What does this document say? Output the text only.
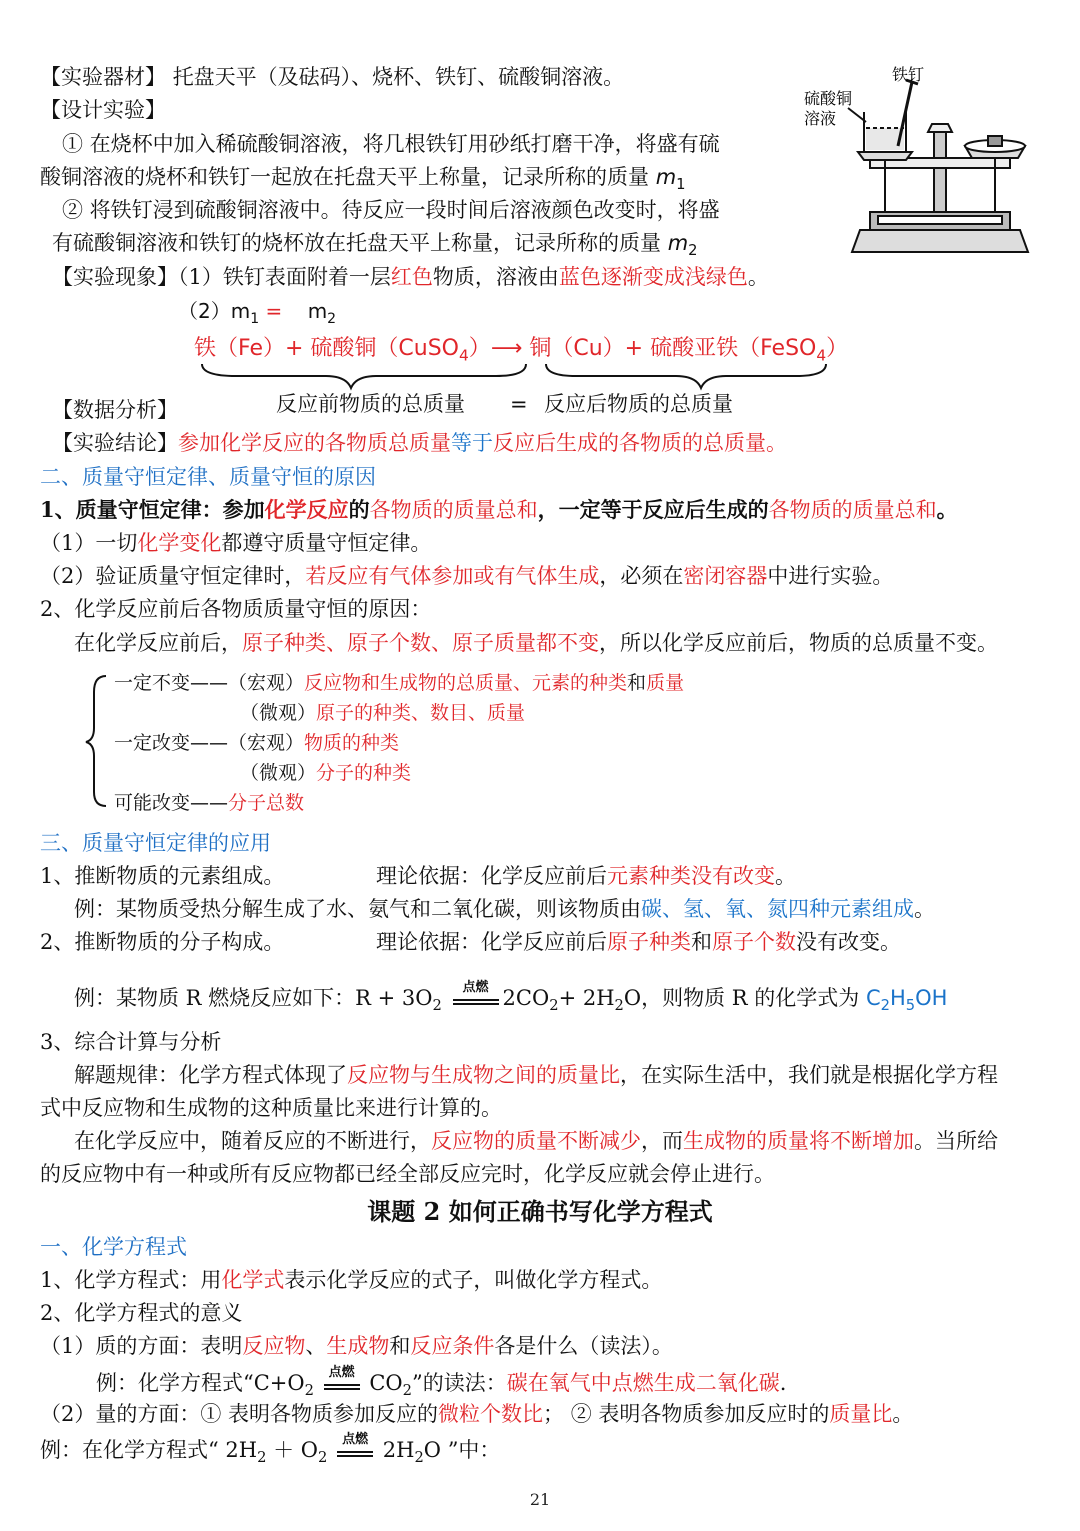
【实验器材】 托盘天平（及砝码）、烧杯、铁钉、硫酸铜溶液。
【设计实验】
① 在烧杯中加入稀硫酸铜溶液，将几根铁钉用砂纸打磨干净，将盛有硫
酸铜溶液的烧杯和铁钉一起放在托盘天平上称量，记录所称的质量 $m_1$
② 将铁钉浸到硫酸铜溶液中。待反应一段时间后溶液颜色改变时，将盛
有硫酸铜溶液和铁钉的烧杯放在托盘天平上称量，记录所称的质量 $m_2$
铁钉
硫酸铜
溶液
【实验现象】（1）铁钉表面附着一层红色物质，溶液由蓝色逐渐变成浅绿色。
$(2)m_1$ =    $m_2$
铁（Fe）+ 硫酸铜（CuSO$_4$）⟶ 铜（Cu）+ 硫酸亚铁（FeSO$_4$）
【数据分析】	反应前物质的总质量 = 反应后物质的总质量
【实验结论】参加化学反应的各物质总质量等于反应后生成的各物质的总质量。
二、质量守恒定律、质量守恒的原因
1、质量守恒定律：参加化学反应的各物质的质量总和，一定等于反应后生成的各物质的质量总和。
（1）一切化学变化都遵守质量守恒定律。
（2）验证质量守恒定律时，若反应有气体参加或有气体生成，必须在密闭容器中进行实验。
2、化学反应前后各物质质量守恒的原因：
在化学反应前后，原子种类、原子个数、原子质量都不变，所以化学反应前后，物质的总质量不变。
一定不变——（宏观）反应物和生成物的总质量、元素的种类和质量
（微观）原子的种类、数目、质量
一定改变——（宏观）物质的种类
（微观）分子的种类
可能改变——分子总数
三、质量守恒定律的应用
1、推断物质的元素组成。	理论依据：化学反应前后元素种类没有改变。
例：某物质受热分解生成了水、氨气和二氧化碳，则该物质由碳、氢、氧、氮四种元素组成。
2、推断物质的分子构成。	理论依据：化学反应前后原子种类和原子个数没有改变。
例：某物质 R 燃烧反应如下：$R + 3O_2$
点燃 $2CO_2+ 2H_2O$，则物质 R 的化学式为 $C_2H_5OH$
3、综合计算与分析
解题规律：化学方程式体现了反应物与生成物之间的质量比，在实际生活中，我们就是根据化学方程
式中反应物和生成物的这种质量比来进行计算的。
在化学反应中，随着反应的不断进行，反应物的质量不断减少，而生成物的质量将不断增加。当所给
的反应物中有一种或所有反应物都已经全部反应完时，化学反应就会停止进行。
课题 2 如何正确书写化学方程式
一、化学方程式
1、化学方程式：用化学式表示化学反应的式子，叫做化学方程式。
2、化学方程式的意义
（1）质的方面：表明反应物、生成物和反应条件各是什么（读法）。
例：化学方程式“$C+O_2$
点燃 $CO_2$”的读法：碳在氧气中点燃生成二氧化碳.
（2）量的方面：① 表明各物质参加反应的微粒个数比； ② 表明各物质参加反应时的质量比。
例：在化学方程式“ $2H_2 + O_2$
点燃 $2H_2O$ ”中：
21
